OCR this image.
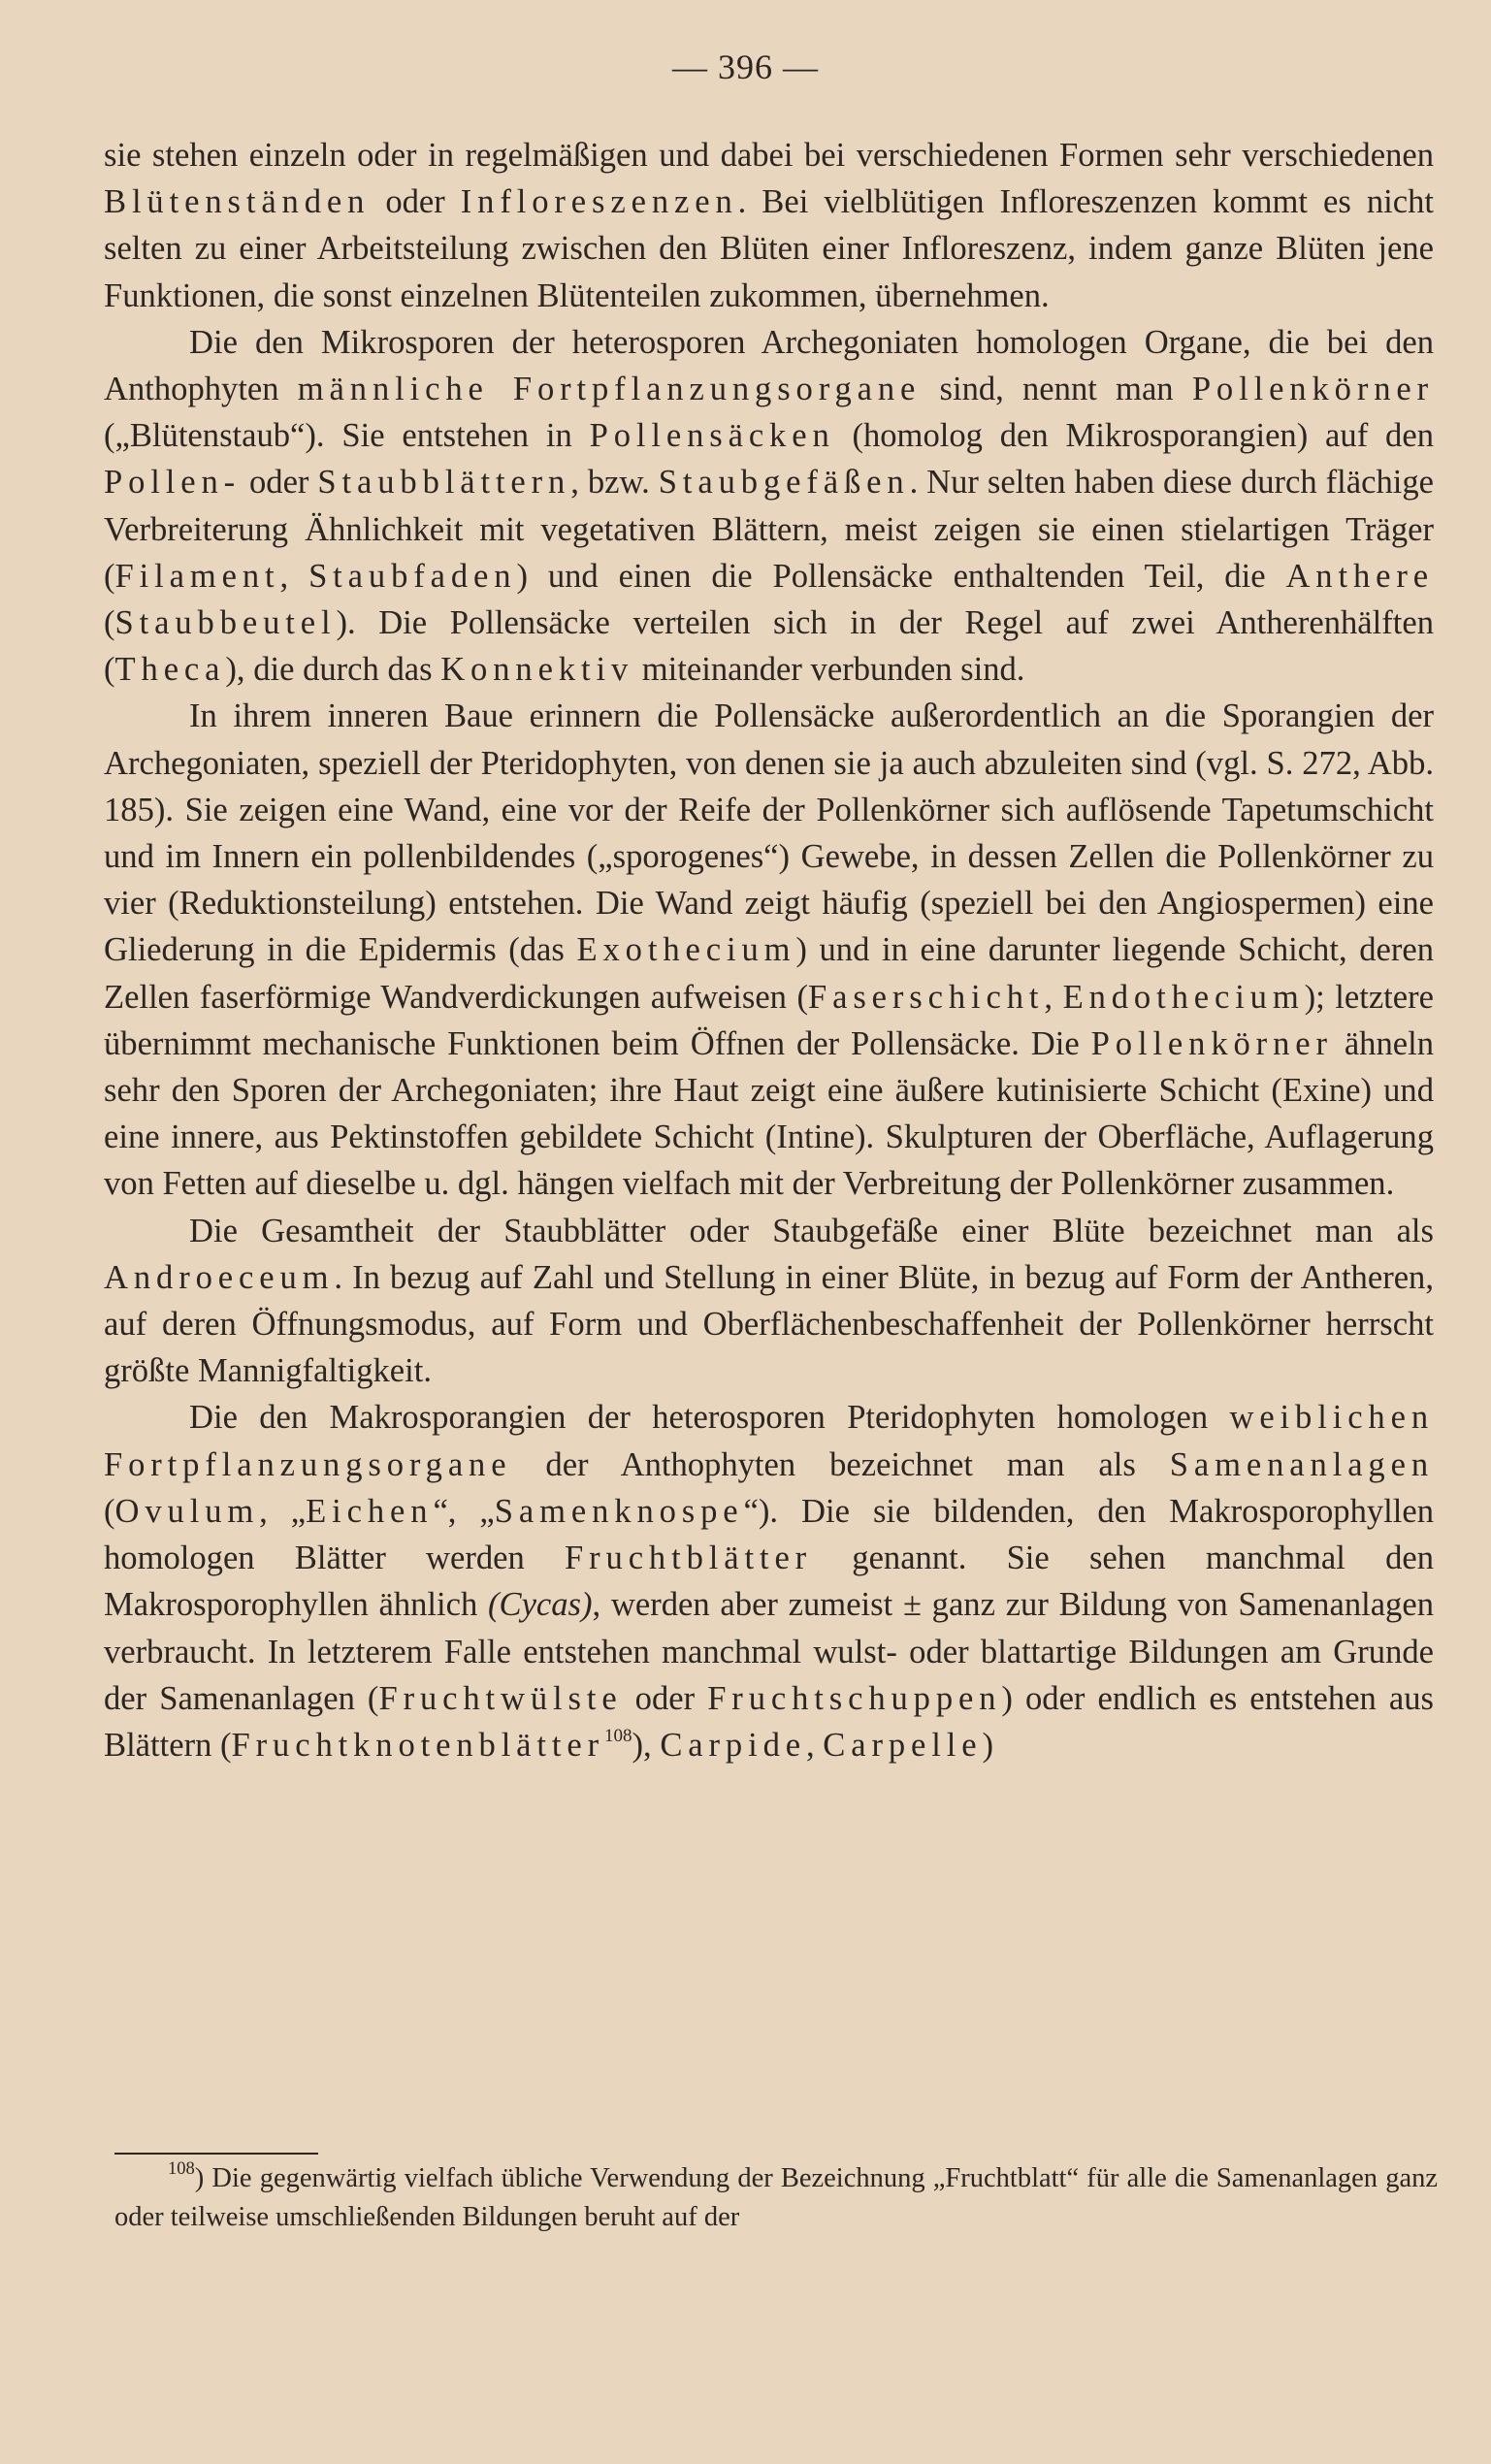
— 396 —

sie stehen einzeln oder in regelmäßigen und dabei bei verschiedenen Formen sehr verschiedenen Blütenständen oder Infloreszenzen. Bei vielblütigen Infloreszenzen kommt es nicht selten zu einer Arbeitsteilung zwischen den Blüten einer Infloreszenz, indem ganze Blüten jene Funktionen, die sonst einzelnen Blütenteilen zukommen, übernehmen.

Die den Mikrosporen der heterosporen Archegoniaten homologen Organe, die bei den Anthophyten männliche Fortpflanzungsorgane sind, nennt man Pollenkörner („Blütenstaub“). Sie entstehen in Pollensäcken (homolog den Mikrosporangien) auf den Pollen- oder Staubblättern, bzw. Staubgefäßen. Nur selten haben diese durch flächige Verbreiterung Ähnlichkeit mit vegetativen Blättern, meist zeigen sie einen stielartigen Träger (Filament, Staubfaden) und einen die Pollensäcke enthaltenden Teil, die Anthere (Staubbeutel). Die Pollensäcke verteilen sich in der Regel auf zwei Antherenhälften (Theca), die durch das Konnektiv miteinander verbunden sind.

In ihrem inneren Baue erinnern die Pollensäcke außerordentlich an die Sporangien der Archegoniaten, speziell der Pteridophyten, von denen sie ja auch abzuleiten sind (vgl. S. 272, Abb. 185). Sie zeigen eine Wand, eine vor der Reife der Pollenkörner sich auflösende Tapetumschicht und im Innern ein pollenbildendes („sporogenes“) Gewebe, in dessen Zellen die Pollenkörner zu vier (Reduktionsteilung) entstehen. Die Wand zeigt häufig (speziell bei den Angiospermen) eine Gliederung in die Epidermis (das Exothecium) und in eine darunter liegende Schicht, deren Zellen faserförmige Wandverdickungen aufweisen (Faserschicht, Endothecium); letztere übernimmt mechanische Funktionen beim Öffnen der Pollensäcke. Die Pollenkörner ähneln sehr den Sporen der Archegoniaten; ihre Haut zeigt eine äußere kutinisierte Schicht (Exine) und eine innere, aus Pektinstoffen gebildete Schicht (Intine). Skulpturen der Oberfläche, Auflagerung von Fetten auf dieselbe u. dgl. hängen vielfach mit der Verbreitung der Pollenkörner zusammen.

Die Gesamtheit der Staubblätter oder Staubgefäße einer Blüte bezeichnet man als Androeceum. In bezug auf Zahl und Stellung in einer Blüte, in bezug auf Form der Antheren, auf deren Öffnungsmodus, auf Form und Oberflächenbeschaffenheit der Pollenkörner herrscht größte Mannigfaltigkeit.

Die den Makrosporangien der heterosporen Pteridophyten homologen weiblichen Fortpflanzungsorgane der Anthophyten bezeichnet man als Samenanlagen (Ovulum, „Eichen“, „Samenknospe“). Die sie bildenden, den Makrosporophyllen homologen Blätter werden Fruchtblätter genannt. Sie sehen manchmal den Makrosporophyllen ähnlich (Cycas), werden aber zumeist ± ganz zur Bildung von Samenanlagen verbraucht. In letzterem Falle entstehen manchmal wulst- oder blattartige Bildungen am Grunde der Samenanlagen (Fruchtwülste oder Fruchtschuppen) oder endlich es entstehen aus Blättern (Fruchtknotenblätter$^{108}$), Carpide, Carpelle)

$^{108}$) Die gegenwärtig vielfach übliche Verwendung der Bezeichnung „Fruchtblatt“ für alle die Samenanlagen ganz oder teilweise umschließenden Bildungen beruht auf der
